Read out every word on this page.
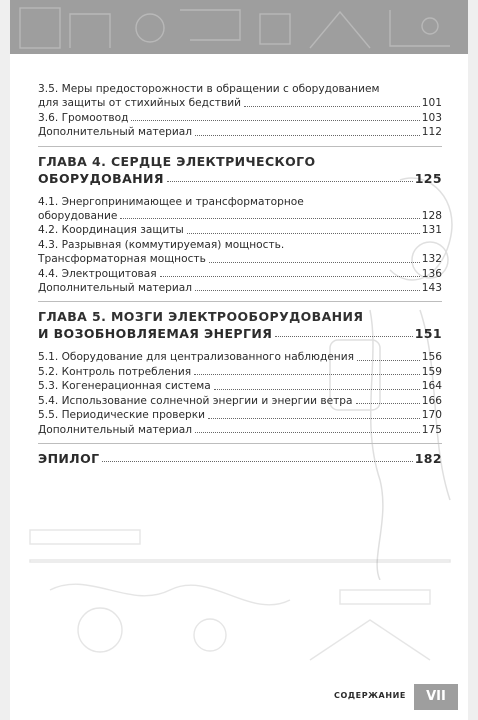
3.5. Меры предосторожности в обращении с оборудованием
для защиты от стихийных бедствий	101
3.6. Громоотвод	103
Дополнительный материал	112
ГЛАВА 4. СЕРДЦЕ ЭЛЕКТРИЧЕСКОГО
ОБОРУДОВАНИЯ	125
4.1. Энергопринимающее и трансформаторное
оборудование	128
4.2. Координация защиты	131
4.3. Разрывная (коммутируемая) мощность.
Трансформаторная мощность	132
4.4. Электрощитовая	136
Дополнительный материал	143
ГЛАВА 5. МОЗГИ ЭЛЕКТРООБОРУДОВАНИЯ
И ВОЗОБНОВЛЯЕМАЯ ЭНЕРГИЯ	151
5.1. Оборудование для централизованного наблюдения	156
5.2. Контроль потребления	159
5.3. Когенерационная система	164
5.4. Использование солнечной энергии и энергии ветра	166
5.5. Периодические проверки	170
Дополнительный материал	175
ЭПИЛОГ	182
СОДЕРЖАНИЕ	VII
